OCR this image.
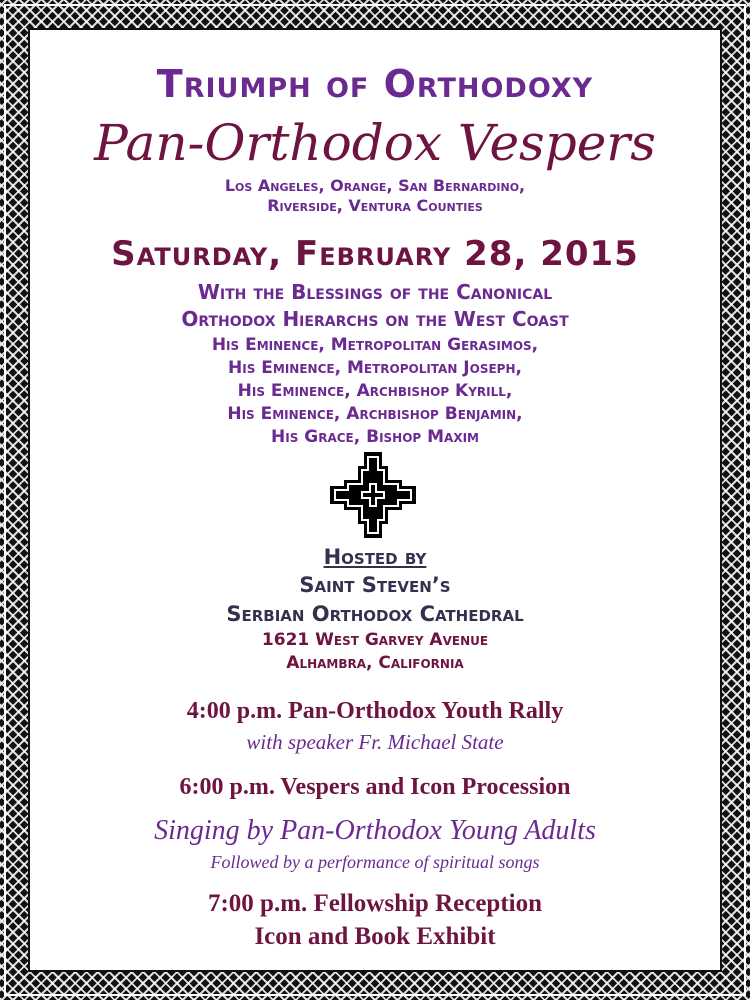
Triumph of Orthodoxy
Pan-Orthodox Vespers
Los Angeles, Orange, San Bernardino,
Riverside, Ventura Counties
Saturday, February 28, 2015
With the Blessings of the Canonical
Orthodox Hierarchs on the West Coast
His Eminence, Metropolitan Gerasimos,
His Eminence, Metropolitan Joseph,
His Eminence, Archbishop Kyrill,
His Eminence, Archbishop Benjamin,
His Grace, Bishop Maxim
Hosted by
Saint Steven’s
Serbian Orthodox Cathedral
1621 West Garvey Avenue
Alhambra, California
4:00 p.m. Pan-Orthodox Youth Rally
with speaker Fr. Michael State
6:00 p.m. Vespers and Icon Procession
Singing by Pan-Orthodox Young Adults
Followed by a performance of spiritual songs
7:00 p.m. Fellowship Reception
Icon and Book Exhibit
